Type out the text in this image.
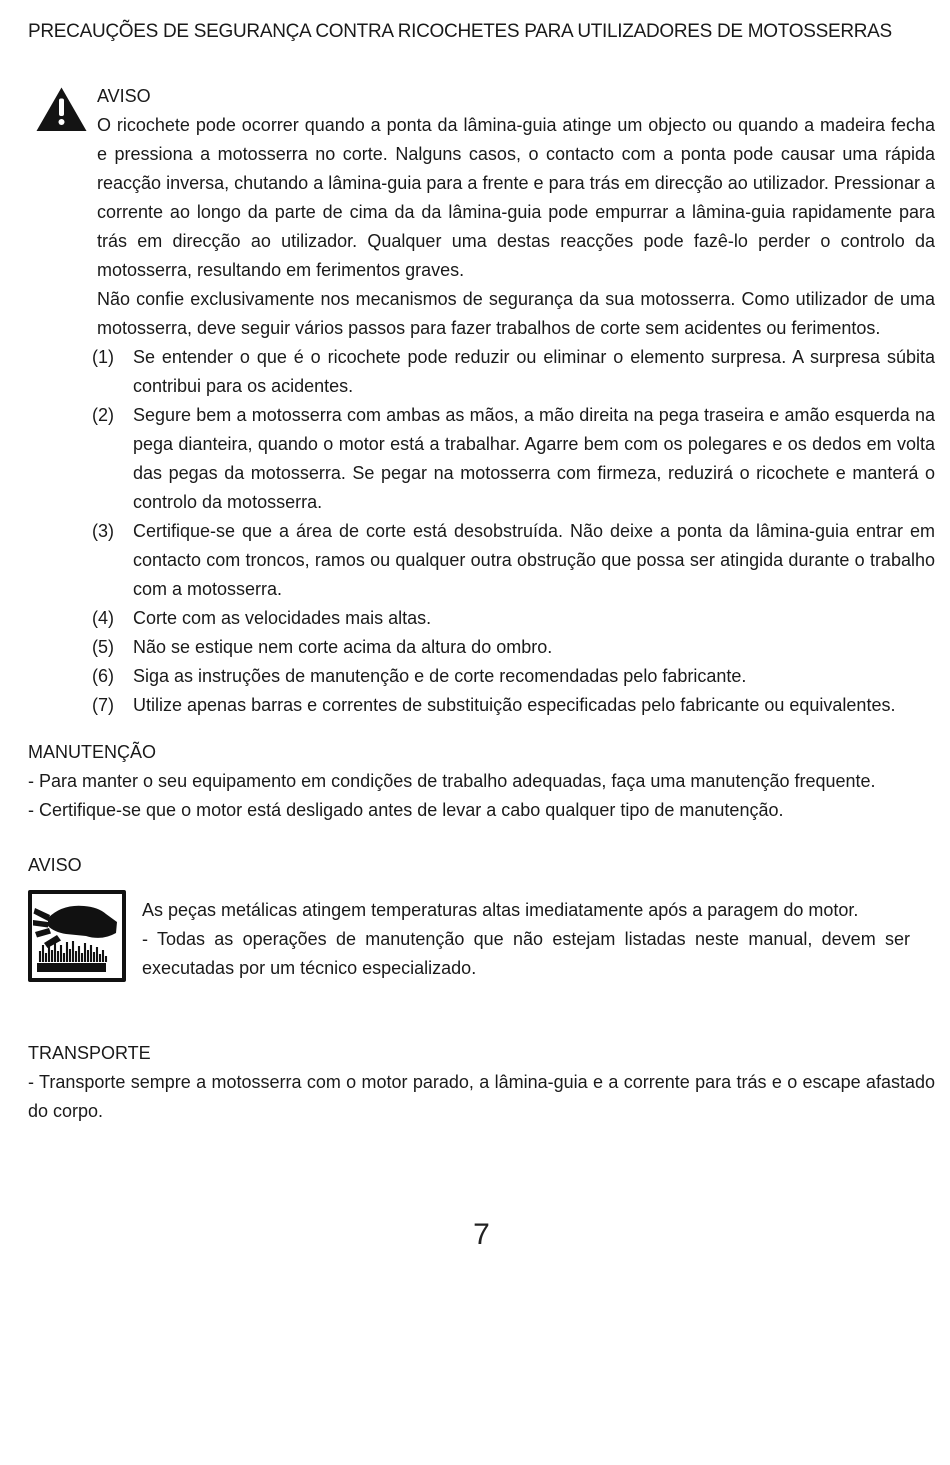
PRECAUÇÕES DE SEGURANÇA CONTRA RICOCHETES PARA UTILIZADORES DE MOTOSSERRAS
AVISO

O ricochete pode ocorrer quando a ponta da lâmina-guia atinge um objecto ou quando a madeira fecha e pressiona a motosserra no corte. Nalguns casos, o contacto com a ponta pode causar uma rápida reacção inversa, chutando a lâmina-guia para a frente e para trás em direcção ao utilizador. Pressionar a corrente ao longo da parte de cima da da lâmina-guia pode empurrar a lâmina-guia rapidamente para trás em direcção ao utilizador. Qualquer uma destas reacções pode fazê-lo perder o controlo da motosserra, resultando em ferimentos graves.

Não confie exclusivamente nos mecanismos de segurança da sua motosserra. Como utilizador de uma motosserra, deve seguir vários passos para fazer trabalhos de corte sem acidentes ou ferimentos.

(1)	Se entender o que é o ricochete pode reduzir ou eliminar o elemento surpresa. A surpresa súbita contribui para os acidentes.
(2)	Segure bem a motosserra com ambas as mãos, a mão direita na pega traseira e amão esquerda na pega dianteira, quando o motor está a trabalhar. Agarre bem com os polegares e os dedos em volta das pegas da motosserra. Se pegar na motosserra com firmeza, reduzirá o ricochete e manterá o controlo da motosserra.
(3)	Certifique-se que a área de corte está desobstruída. Não deixe a ponta da lâmina-guia entrar em contacto com troncos, ramos ou qualquer outra obstrução que possa ser atingida durante o trabalho com a motosserra.
(4)	Corte com as velocidades mais altas.
(5)	Não se estique nem corte acima da altura do ombro.
(6)	Siga as instruções de manutenção e de corte recomendadas pelo fabricante.
(7)	Utilize apenas barras e correntes de substituição especificadas pelo fabricante ou equivalentes.
MANUTENÇÃO

- Para manter o seu equipamento em condições de trabalho adequadas, faça uma manutenção frequente.

- Certifique-se que o motor está desligado antes de levar a cabo qualquer tipo de manutenção.

AVISO

As peças metálicas atingem temperaturas altas imediatamente após a paragem do motor.

- Todas as operações de manutenção que não estejam listadas neste manual, devem ser executadas por um técnico especializado.

TRANSPORTE

- Transporte sempre a motosserra com o motor parado, a lâmina-guia e a corrente para trás e o escape afastado do corpo.

7
